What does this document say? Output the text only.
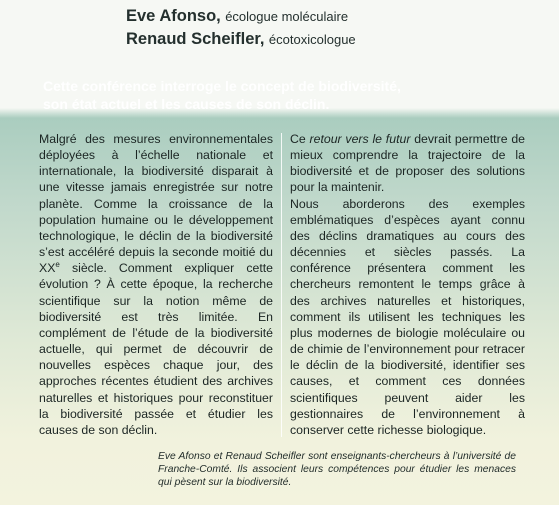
Eve Afonso, écologue moléculaire
Renaud Scheifler, écotoxicologue

Cette conférence interroge le concept de biodiversité,
son état actuel et les causes de son déclin.

Malgré des mesures environnementales déployées à l’échelle nationale et internationale, la biodiversité disparait à une vitesse jamais enregistrée sur notre planète. Comme la croissance de la population humaine ou le développement technologique, le déclin de la biodiversité s’est accéléré depuis la seconde moitié du XXe siècle. Comment expliquer cette évolution ? À cette époque, la recherche scientifique sur la notion même de biodiversité est très limitée. En complément de l’étude de la biodiversité actuelle, qui permet de découvrir de nouvelles espèces chaque jour, des approches récentes étudient des archives naturelles et historiques pour reconstituer la biodiversité passée et étudier les causes de son déclin.

Ce retour vers le futur devrait permettre de mieux comprendre la trajectoire de la biodiversité et de proposer des solutions pour la maintenir.

Nous aborderons des exemples emblématiques d’espèces ayant connu des déclins dramatiques au cours des décennies et siècles passés. La conférence présentera comment les chercheurs remontent le temps grâce à des archives naturelles et historiques, comment ils utilisent les techniques les plus modernes de biologie moléculaire ou de chimie de l’environnement pour retracer le déclin de la biodiversité, identifier ses causes, et comment ces données scientifiques peuvent aider les gestionnaires de l’environnement à conserver cette richesse biologique.

Eve Afonso et Renaud Scheifler sont enseignants-chercheurs à l’université de Franche-Comté. Ils associent leurs compétences pour étudier les menaces qui pèsent sur la biodiversité.
